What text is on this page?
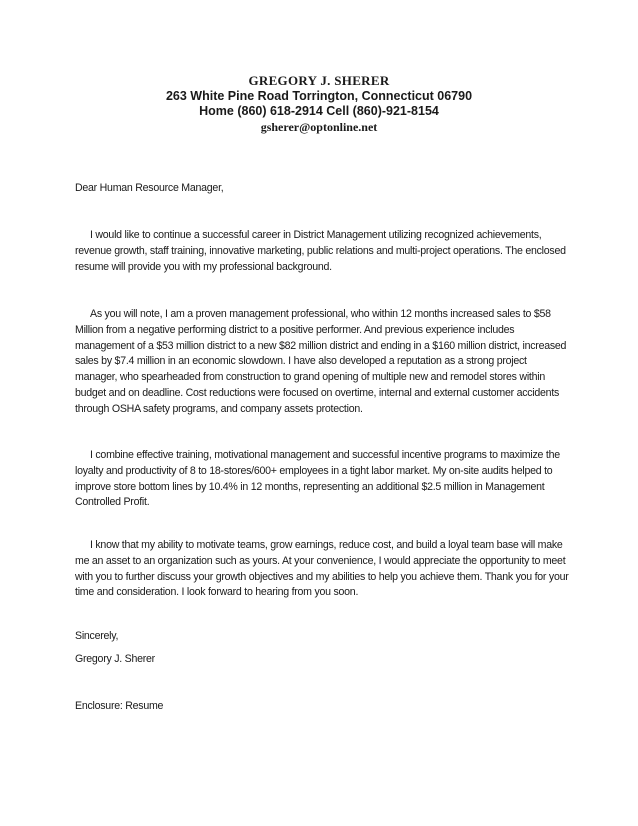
GREGORY J. SHERER
263 White Pine Road Torrington, Connecticut 06790
Home (860) 618-2914 Cell (860)-921-8154
gsherer@optonline.net

Dear Human Resource Manager,

I would like to continue a successful career in District Management utilizing recognized achievements, revenue growth, staff training, innovative marketing, public relations and multi-project operations. The enclosed resume will provide you with my professional background.

As you will note, I am a proven management professional, who within 12 months increased sales to $58 Million from a negative performing district to a positive performer. And previous experience includes management of a $53 million district to a new $82 million district and ending in a $160 million district, increased sales by $7.4 million in an economic slowdown. I have also developed a reputation as a strong project manager, who spearheaded from construction to grand opening of multiple new and remodel stores within budget and on deadline. Cost reductions were focused on overtime, internal and external customer accidents through OSHA safety programs, and company assets protection.

I combine effective training, motivational management and successful incentive programs to maximize the loyalty and productivity of 8 to 18-stores/600+ employees in a tight labor market. My on-site audits helped to improve store bottom lines by 10.4% in 12 months, representing an additional $2.5 million in Management Controlled Profit.

I know that my ability to motivate teams, grow earnings, reduce cost, and build a loyal team base will make me an asset to an organization such as yours. At your convenience, I would appreciate the opportunity to meet with you to further discuss your growth objectives and my abilities to help you achieve them. Thank you for your time and consideration. I look forward to hearing from you soon.

Sincerely,

Gregory J. Sherer

Enclosure: Resume
